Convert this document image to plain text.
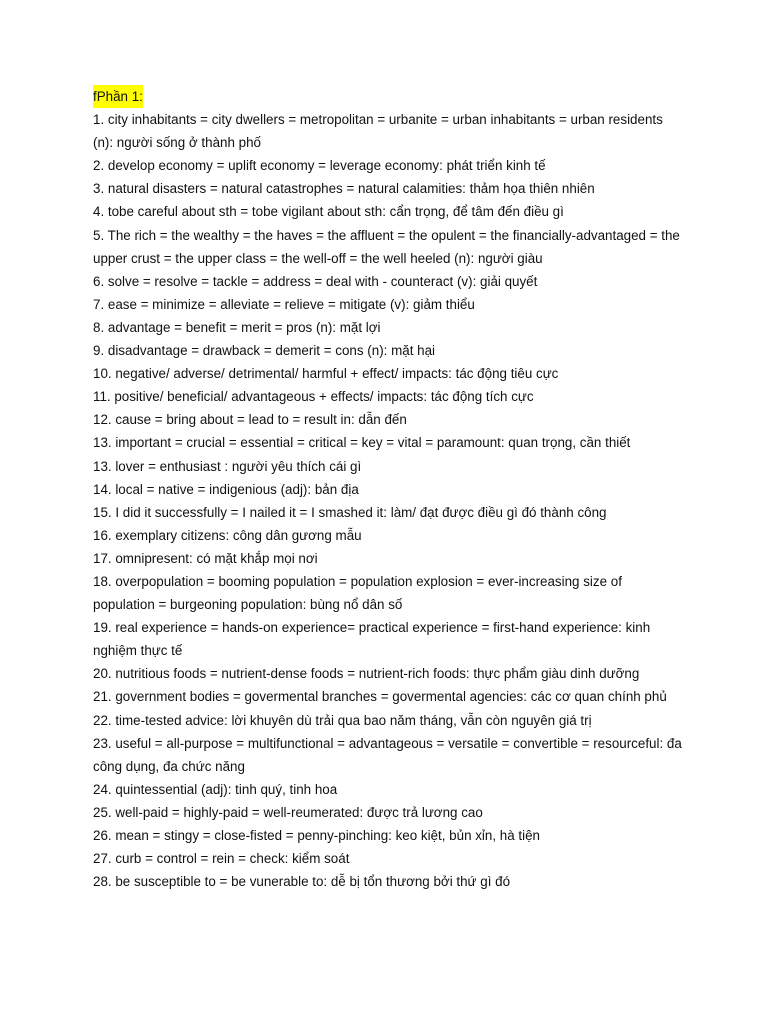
fPhần 1:

1. city inhabitants = city dwellers = metropolitan = urbanite = urban inhabitants = urban residents (n): người sống ở thành phố

2. develop economy = uplift economy = leverage economy: phát triển kinh tế

3. natural disasters = natural catastrophes = natural calamities: thảm họa thiên nhiên

4. tobe careful about sth = tobe vigilant about sth: cẩn trọng, để tâm đến điều gì

5. The rich = the wealthy = the haves = the affluent = the opulent = the financially-advantaged = the upper crust = the upper class = the well-off = the well heeled (n): người giàu

6. solve = resolve = tackle = address = deal with - counteract (v): giải quyết

7. ease = minimize = alleviate = relieve = mitigate (v): giảm thiểu

8. advantage = benefit = merit = pros (n): mặt lợi

9. disadvantage = drawback = demerit = cons (n): mặt hại

10. negative/ adverse/ detrimental/ harmful + effect/ impacts: tác động tiêu cực

11. positive/ beneficial/ advantageous + effects/ impacts: tác động tích cực

12. cause = bring about = lead to = result in: dẫn đến

13. important = crucial = essential = critical = key = vital = paramount: quan trọng, cần thiết

13. lover = enthusiast : người yêu thích cái gì

14. local = native = indigenious (adj): bản địa

15. I did it successfully = I nailed it = I smashed it: làm/ đạt được điều gì đó thành công

16. exemplary citizens: công dân gương mẫu

17. omnipresent: có mặt khắp mọi nơi

18. overpopulation = booming population = population explosion = ever-increasing size of population = burgeoning population: bùng nổ dân số

19. real experience = hands-on experience= practical experience = first-hand experience: kinh nghiệm thực tế

20. nutritious foods = nutrient-dense foods = nutrient-rich foods: thực phẩm giàu dinh dưỡng

21. government bodies = govermental branches = govermental agencies: các cơ quan chính phủ

22. time-tested advice: lời khuyên dù trải qua bao năm tháng, vẫn còn nguyên giá trị

23. useful = all-purpose = multifunctional = advantageous = versatile = convertible = resourceful: đa công dụng, đa chức năng

24. quintessential (adj): tinh quý, tinh hoa

25. well-paid = highly-paid = well-reumerated: được trả lương cao

26. mean = stingy = close-fisted = penny-pinching: keo kiệt, bủn xỉn, hà tiện

27. curb = control = rein = check: kiểm soát

28. be susceptible to = be vunerable to: dễ bị tổn thương bởi thứ gì đó
